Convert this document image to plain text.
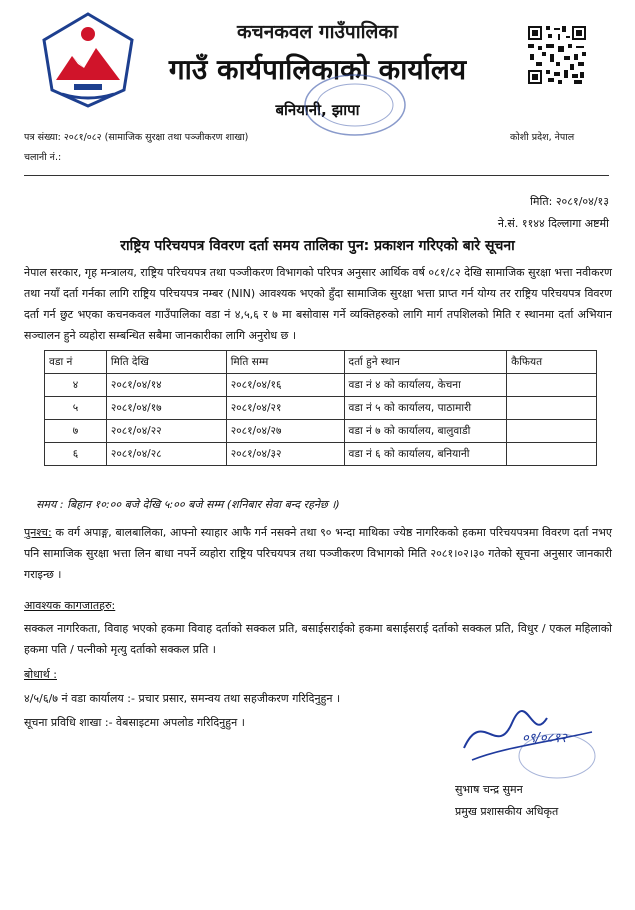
कचनकवल गाउँपालिका
गाउँ कार्यपालिकाको कार्यालय
बनियानी, झापा
पत्र संख्या: २०८१/०८२ (सामाजिक सुरक्षा तथा पञ्जीकरण शाखा)
चलानी नं.:
कोशी प्रदेश, नेपाल
मिति: २०८१/०४/१३
ने.सं. ११४४ दिल्लागा अष्टमी
राष्ट्रिय परिचयपत्र विवरण दर्ता समय तालिका पुन: प्रकाशन गरिएको बारे सूचना
नेपाल सरकार, गृह मन्त्रालय, राष्ट्रिय परिचयपत्र तथा पञ्जीकरण विभागको परिपत्र अनुसार आर्थिक वर्ष ०८१/८२ देखि सामाजिक सुरक्षा भत्ता नवीकरण तथा नयाँ दर्ता गर्नका लागि राष्ट्रिय परिचयपत्र नम्बर (NIN) आवश्यक भएको हुँदा सामाजिक सुरक्षा भत्ता प्राप्त गर्न योग्य तर राष्ट्रिय परिचयपत्र विवरण दर्ता गर्न छुट भएका कचनकवल गाउँपालिका वडा नं ४,५,६ र ७ मा बसोवास गर्ने व्यक्तिहरुको लागि मार्ग तपशिलको मिति र स्थानमा दर्ता अभियान सञ्चालन हुने व्यहोरा सम्बन्धित सबैमा जानकारीका लागि अनुरोध छ ।
वडा नं	मिति देखि	मिति सम्म	दर्ता हुने स्थान	कैफियत
४	२०८१/०४/१४	२०८१/०४/१६	वडा नं ४ को कार्यालय, केचना	
५	२०८१/०४/१७	२०८१/०४/२१	वडा नं ५ को कार्यालय, पाठामारी	
७	२०८१/०४/२२	२०८१/०४/२७	वडा नं ७ को कार्यालय, बालुवाडी	
६	२०८१/०४/२८	२०८१/०४/३२	वडा नं ६ को कार्यालय, बनियानी	
समय : बिहान १०:०० बजे देखि ५:०० बजे सम्म (शनिबार सेवा बन्द रहनेछ ।)
पुनश्च: क वर्ग अपाङ्ग, बालबालिका, आफ्नो स्याहार आफै गर्न नसक्ने तथा ९० भन्दा माथिका ज्येष्ठ नागरिकको हकमा परिचयपत्रमा विवरण दर्ता नभए पनि सामाजिक सुरक्षा भत्ता लिन बाधा नपर्ने व्यहोरा राष्ट्रिय परिचयपत्र तथा पञ्जीकरण विभागको मिति २०८१।०२।३० गतेको सूचना अनुसार जानकारी गराइन्छ ।
आवश्यक कागजातहरु:
सक्कल नागरिकता, विवाह भएको हकमा विवाह दर्ताको सक्कल प्रति, बसाईसराईको हकमा बसाईसराई दर्ताको सक्कल प्रति, विधुर / एकल महिलाको हकमा पति / पत्नीको मृत्यु दर्ताको सक्कल प्रति ।
बोधार्थ :
४/५/६/७ नं वडा कार्यालय :- प्रचार प्रसार, समन्वय तथा सहजीकरण गरिदिनुहुन ।
सूचना प्रविधि शाखा :- वेबसाइटमा अपलोड गरिदिनुहुन ।
०९/०८१२
सुभाष चन्द्र सुमन
प्रमुख प्रशासकीय अधिकृत
